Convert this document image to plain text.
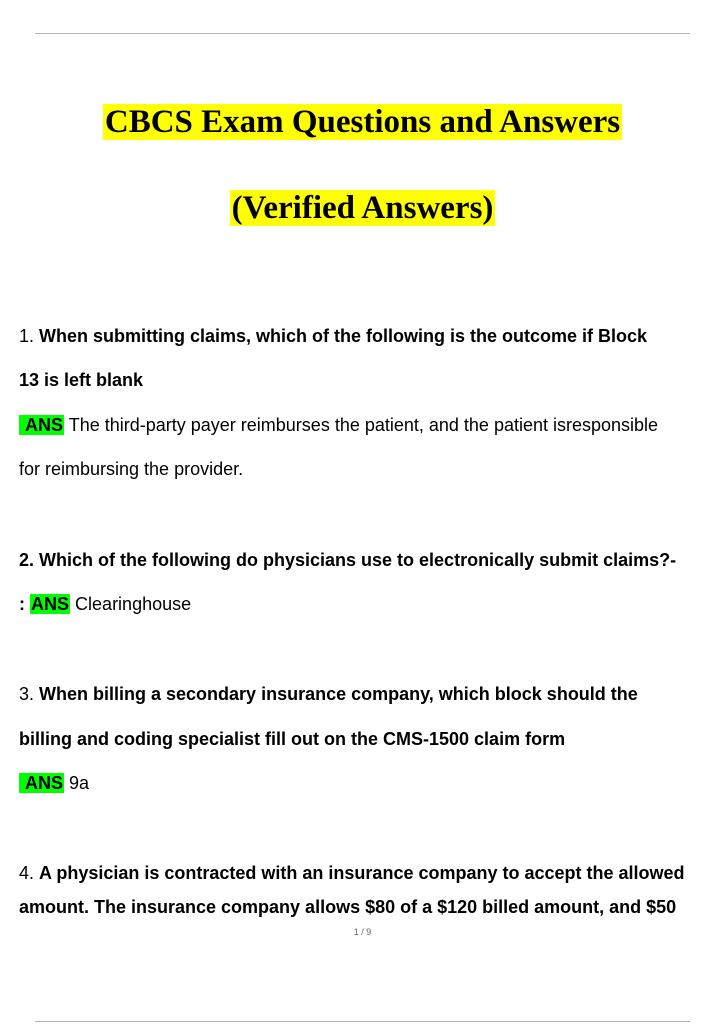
CBCS Exam Questions and Answers
(Verified Answers)
1. When submitting claims, which of the following is the outcome if Block
13 is left blank
ANS The third-party payer reimburses the patient, and the patient isresponsible
for reimbursing the provider.
2. Which of the following do physicians use to electronically submit claims?-
: ANS Clearinghouse
3. When billing a secondary insurance company, which block should the
billing and coding specialist fill out on the CMS-1500 claim form
ANS 9a
4. A physician is contracted with an insurance company to accept the allowed
amount. The insurance company allows $80 of a $120 billed amount, and $50
1 / 9
